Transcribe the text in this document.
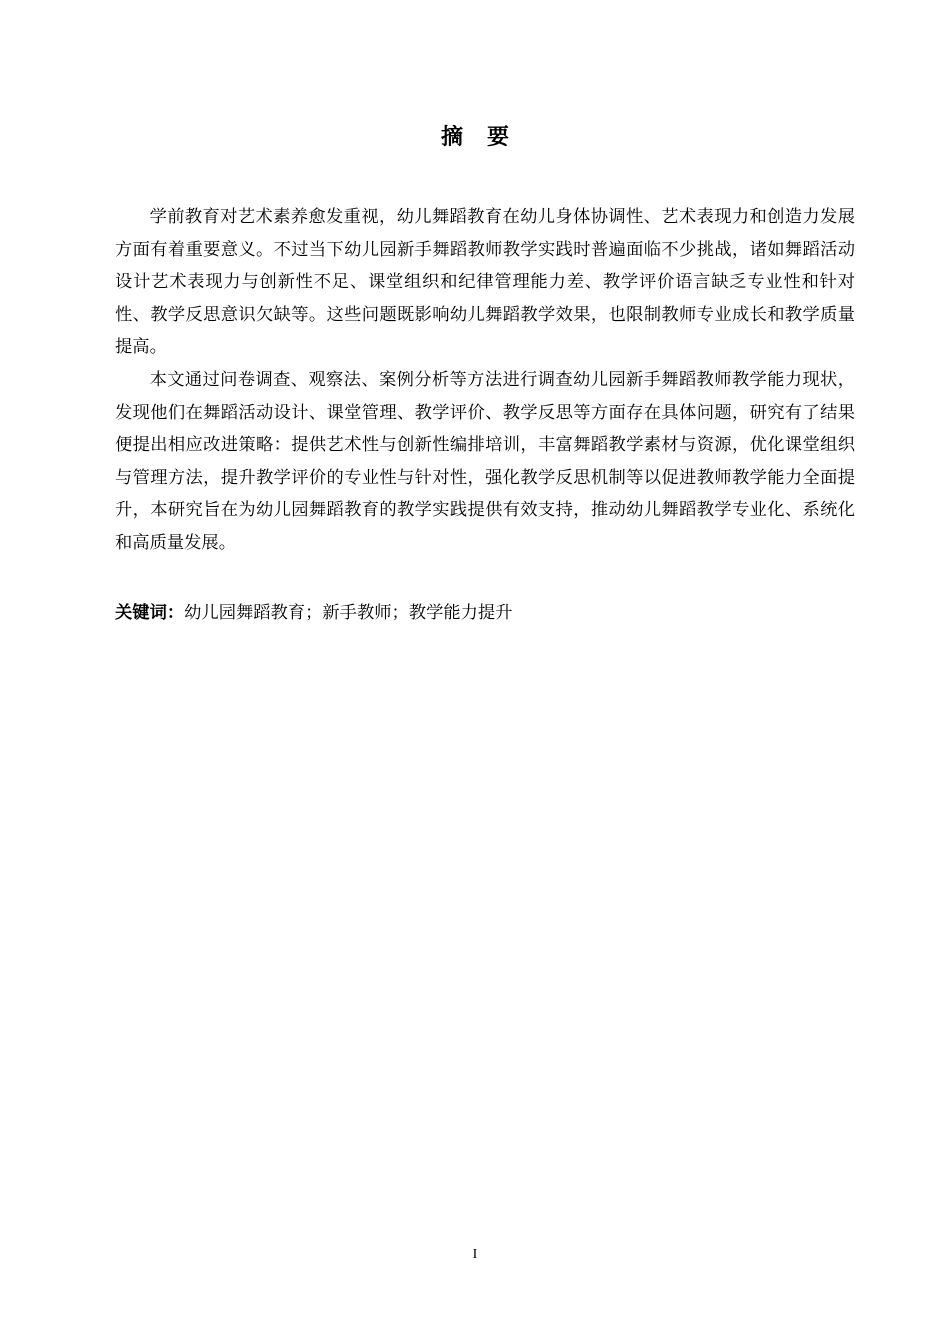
摘 要

学前教育对艺术素养愈发重视，幼儿舞蹈教育在幼儿身体协调性、艺术表现力和创造力发展方面有着重要意义。不过当下幼儿园新手舞蹈教师教学实践时普遍面临不少挑战，诸如舞蹈活动设计艺术表现力与创新性不足、课堂组织和纪律管理能力差、教学评价语言缺乏专业性和针对性、教学反思意识欠缺等。这些问题既影响幼儿舞蹈教学效果，也限制教师专业成长和教学质量提高。

本文通过问卷调查、观察法、案例分析等方法进行调查幼儿园新手舞蹈教师教学能力现状，发现他们在舞蹈活动设计、课堂管理、教学评价、教学反思等方面存在具体问题，研究有了结果便提出相应改进策略：提供艺术性与创新性编排培训，丰富舞蹈教学素材与资源，优化课堂组织与管理方法，提升教学评价的专业性与针对性，强化教学反思机制等以促进教师教学能力全面提升，本研究旨在为幼儿园舞蹈教育的教学实践提供有效支持，推动幼儿舞蹈教学专业化、系统化和高质量发展。

关键词：幼儿园舞蹈教育；新手教师；教学能力提升
I
